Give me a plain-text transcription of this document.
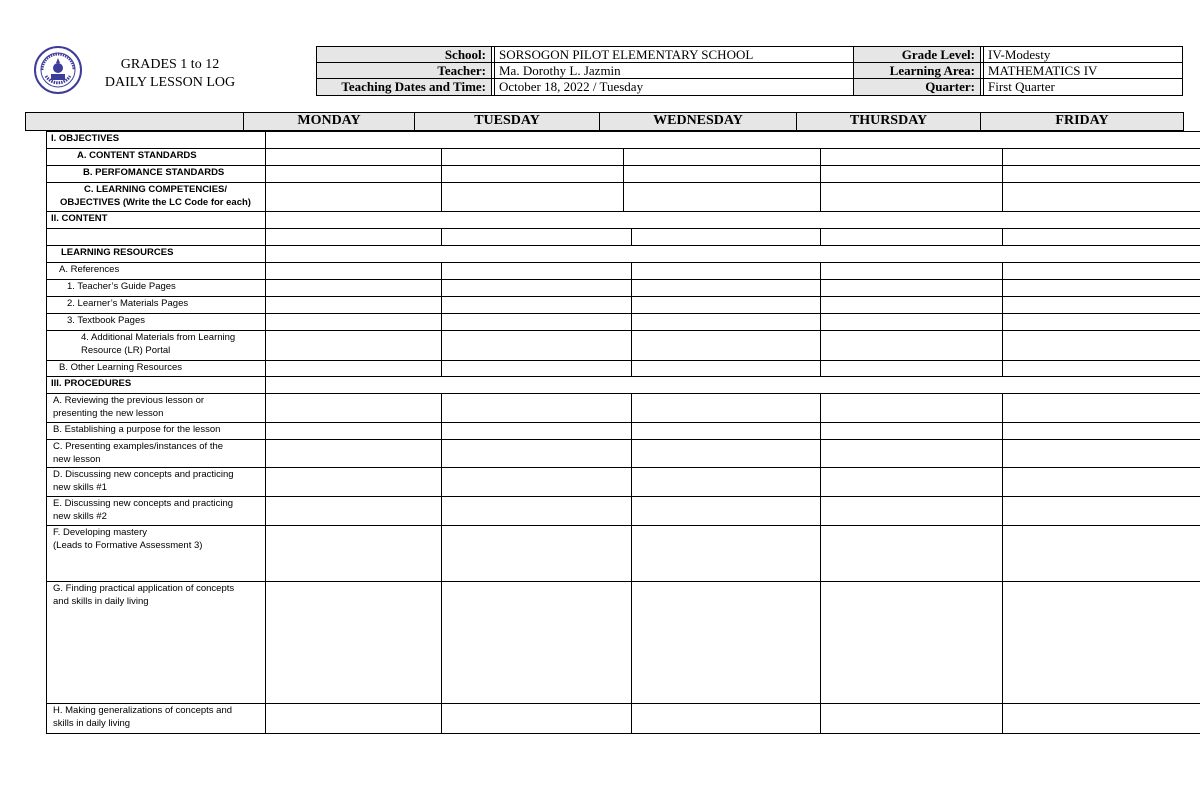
GRADES 1 to 12
DAILY LESSON LOG
School: SORSOGON PILOT ELEMENTARY SCHOOL
Teacher: Ma. Dorothy L. Jazmin
Teaching Dates and Time: October 18, 2022 / Tuesday
Grade Level: IV-Modesty
Learning Area: MATHEMATICS IV
Quarter: First Quarter
MONDAY	TUESDAY	WEDNESDAY	THURSDAY	FRIDAY
I. OBJECTIVES
A. CONTENT STANDARDS
B. PERFOMANCE STANDARDS
C. LEARNING COMPETENCIES/
OBJECTIVES (Write the LC Code for each)
II. CONTENT
LEARNING RESOURCES
A. References
1. Teacher’s Guide Pages
2. Learner’s Materials Pages
3. Textbook Pages
4. Additional Materials from Learning
Resource (LR) Portal
B. Other Learning Resources
III. PROCEDURES
A. Reviewing the previous lesson or
presenting the new lesson
B. Establishing a purpose for the lesson
C. Presenting examples/instances of the
new lesson
D. Discussing new concepts and practicing
new skills #1
E. Discussing new concepts and practicing
new skills #2
F. Developing mastery
(Leads to Formative Assessment 3)
G. Finding practical application of concepts
and skills in daily living
H. Making generalizations of concepts and
skills in daily living
